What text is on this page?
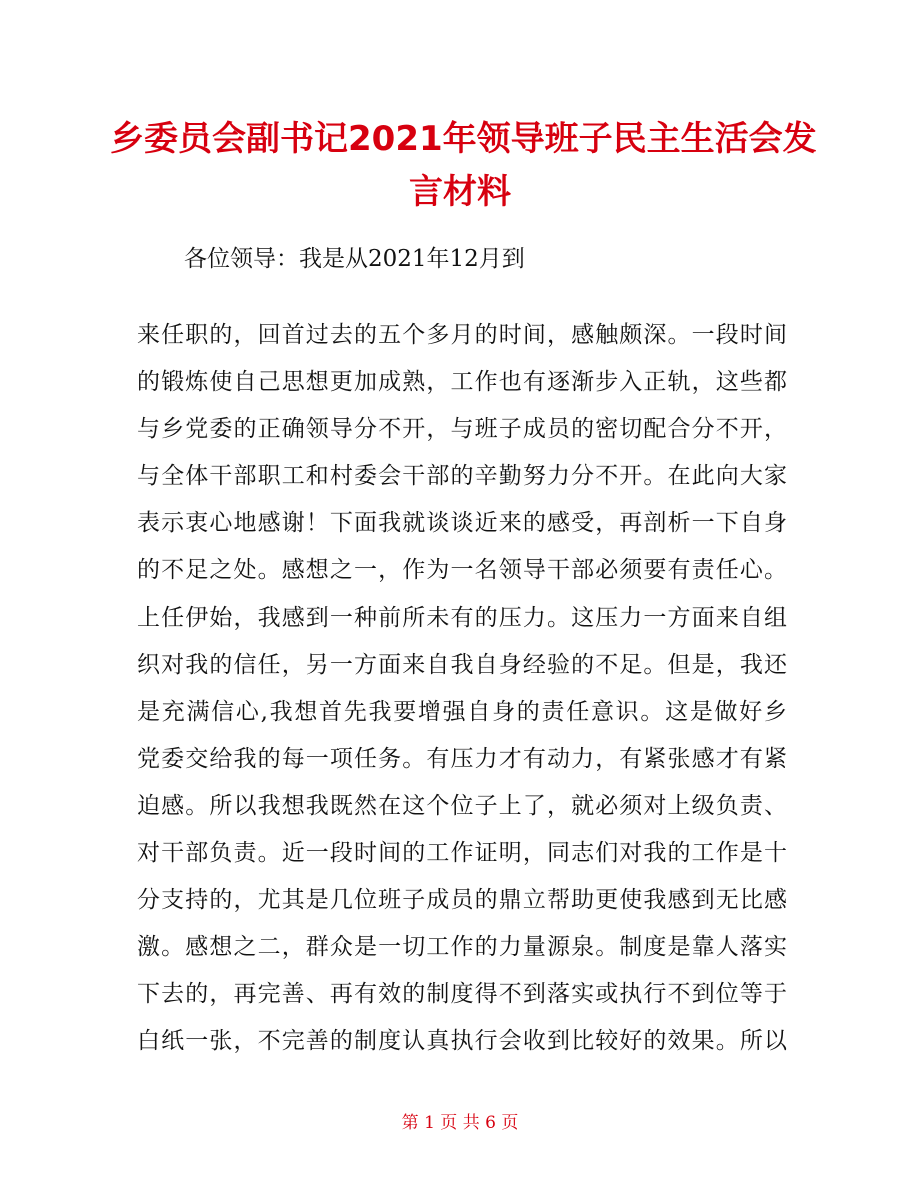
乡委员会副书记2021年领导班子民主生活会发
言材料
各位领导：我是从2021年12月到
来任职的，回首过去的五个多月的时间，感触颇深。一段时间
的锻炼使自己思想更加成熟，工作也有逐渐步入正轨，这些都
与乡党委的正确领导分不开，与班子成员的密切配合分不开，
与全体干部职工和村委会干部的辛勤努力分不开。在此向大家
表示衷心地感谢！下面我就谈谈近来的感受，再剖析一下自身
的不足之处。感想之一，作为一名领导干部必须要有责任心。
上任伊始，我感到一种前所未有的压力。这压力一方面来自组
织对我的信任，另一方面来自我自身经验的不足。但是，我还
是充满信心,我想首先我要增强自身的责任意识。这是做好乡
党委交给我的每一项任务。有压力才有动力，有紧张感才有紧
迫感。所以我想我既然在这个位子上了，就必须对上级负责、
对干部负责。近一段时间的工作证明，同志们对我的工作是十
分支持的，尤其是几位班子成员的鼎立帮助更使我感到无比感
激。感想之二，群众是一切工作的力量源泉。制度是靠人落实
下去的，再完善、再有效的制度得不到落实或执行不到位等于
白纸一张，不完善的制度认真执行会收到比较好的效果。所以
第 1 页 共 6 页
